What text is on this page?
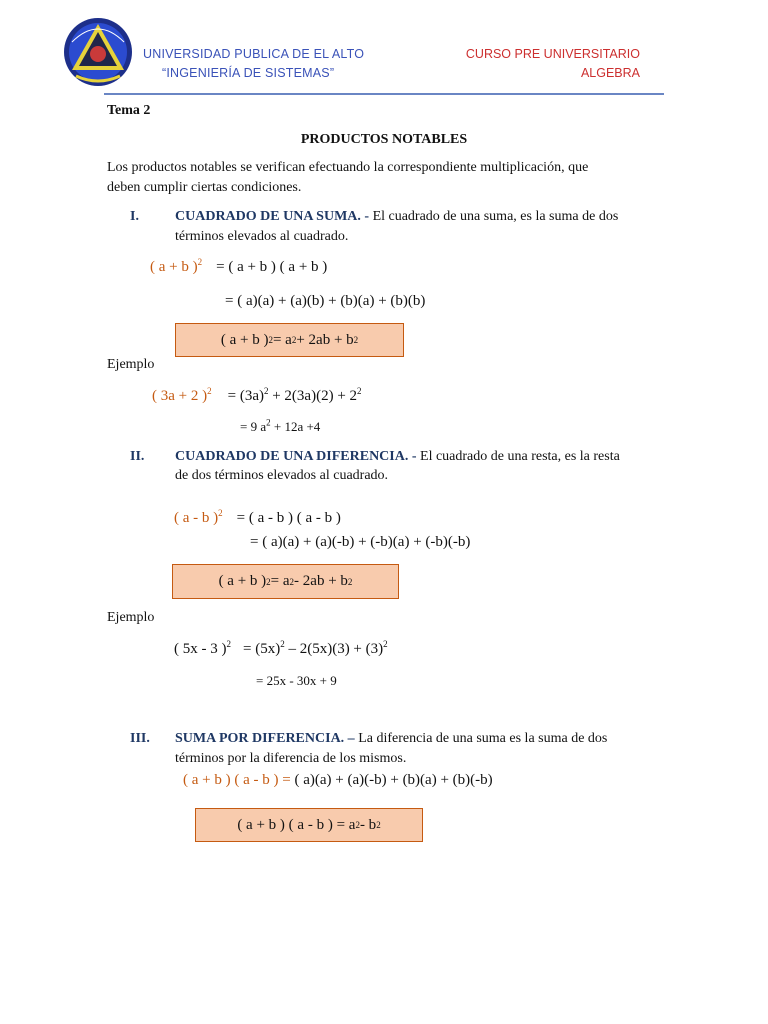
UNIVERSIDAD PUBLICA DE EL ALTO
“INGENIERÍA DE SISTEMAS”
CURSO PRE UNIVERSITARIO
ALGEBRA
Tema 2
PRODUCTOS NOTABLES
Los productos notables se verifican efectuando la correspondiente multiplicación, que
deben cumplir ciertas condiciones.
I.	CUADRADO DE UNA SUMA. - El cuadrado de una suma, es la suma de dos
términos elevados al cuadrado.
( a + b )$^2$ = ( a + b ) ( a + b )
= ( a)(a) + (a)(b) + (b)(a) + (b)(b)
( a + b ) 2 = a 2 + 2ab + b 2
Ejemplo
( 3a + 2 )$^2 = (3a)^2 + 2(3a)(2) + 2^2$
= 9 $a^2 + 12a +4$
II. CUADRADO DE UNA DIFERENCIA. - El cuadrado de una resta, es la resta
de dos términos elevados al cuadrado.
( a - b )$^2$ = ( a - b ) ( a - b )
= ( a)(a) + (a)(-b) + (-b)(a) + (-b)(-b)
( a + b ) 2 = a 2 - 2ab + b 2
Ejemplo
( 5x - 3 )$^2 = (5x)^2 - 2(5x)(3) + (3)^2$
= 25x - 30x + 9
III. SUMA POR DIFERENCIA. – La diferencia de una suma es la suma de dos
términos por la diferencia de los mismos.
( a + b ) ( a - b ) = ( a)(a) + (a)(-b) + (b)(a) + (b)(-b)
( a + b ) ( a - b ) = a 2 - b 2
